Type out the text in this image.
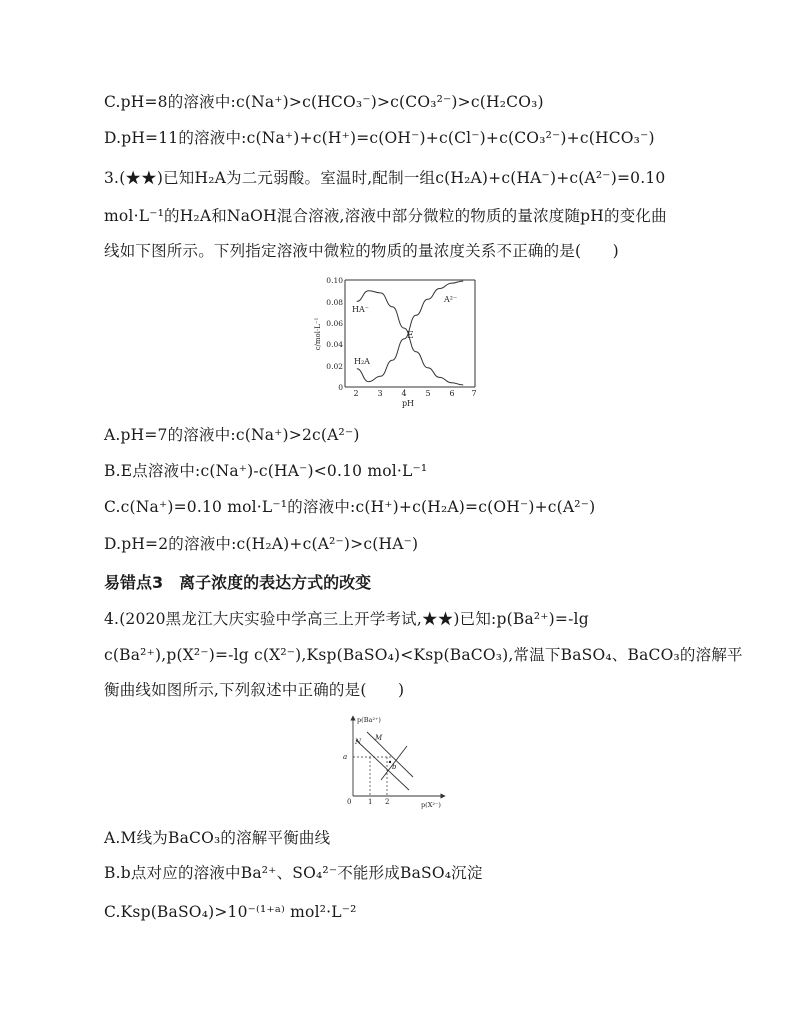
C.pH=8的溶液中:c(Na⁺)>c(HCO₃⁻)>c(CO₃²⁻)>c(H₂CO₃)
D.pH=11的溶液中:c(Na⁺)+c(H⁺)=c(OH⁻)+c(Cl⁻)+c(CO₃²⁻)+c(HCO₃⁻)
3.(★★)已知H₂A为二元弱酸。室温时,配制一组c(H₂A)+c(HA⁻)+c(A²⁻)=0.10
mol·L⁻¹的H₂A和NaOH混合溶液,溶液中部分微粒的物质的量浓度随pH的变化曲
线如下图所示。下列指定溶液中微粒的物质的量浓度关系不正确的是(　　)
2 3 4 5 6 7
0
0.02
0.04
0.06
0.08
0.10
pH
c/mol·L⁻¹
HA⁻
A²⁻
H₂A
E
A.pH=7的溶液中:c(Na⁺)>2c(A²⁻)
B.E点溶液中:c(Na⁺)-c(HA⁻)<0.10 mol·L⁻¹
C.c(Na⁺)=0.10 mol·L⁻¹的溶液中:c(H⁺)+c(H₂A)=c(OH⁻)+c(A²⁻)
D.pH=2的溶液中:c(H₂A)+c(A²⁻)>c(HA⁻)
易错点3　离子浓度的表达方式的改变
4.(2020黑龙江大庆实验中学高三上开学考试,★★)已知:p(Ba²⁺)=-lg
c(Ba²⁺),p(X²⁻)=-lg c(X²⁻),Ksp(BaSO₄)<Ksp(BaCO₃),常温下BaSO₄、BaCO₃的溶解平
衡曲线如图所示,下列叙述中正确的是(　　)
p(Ba²⁺)
p(X²⁻)
a
0 1 2
N M
b
A.M线为BaCO₃的溶解平衡曲线
B.b点对应的溶液中Ba²⁺、SO₄²⁻不能形成BaSO₄沉淀
C.Ksp(BaSO₄)>10⁻⁽¹⁺ᵃ⁾ mol²·L⁻²
